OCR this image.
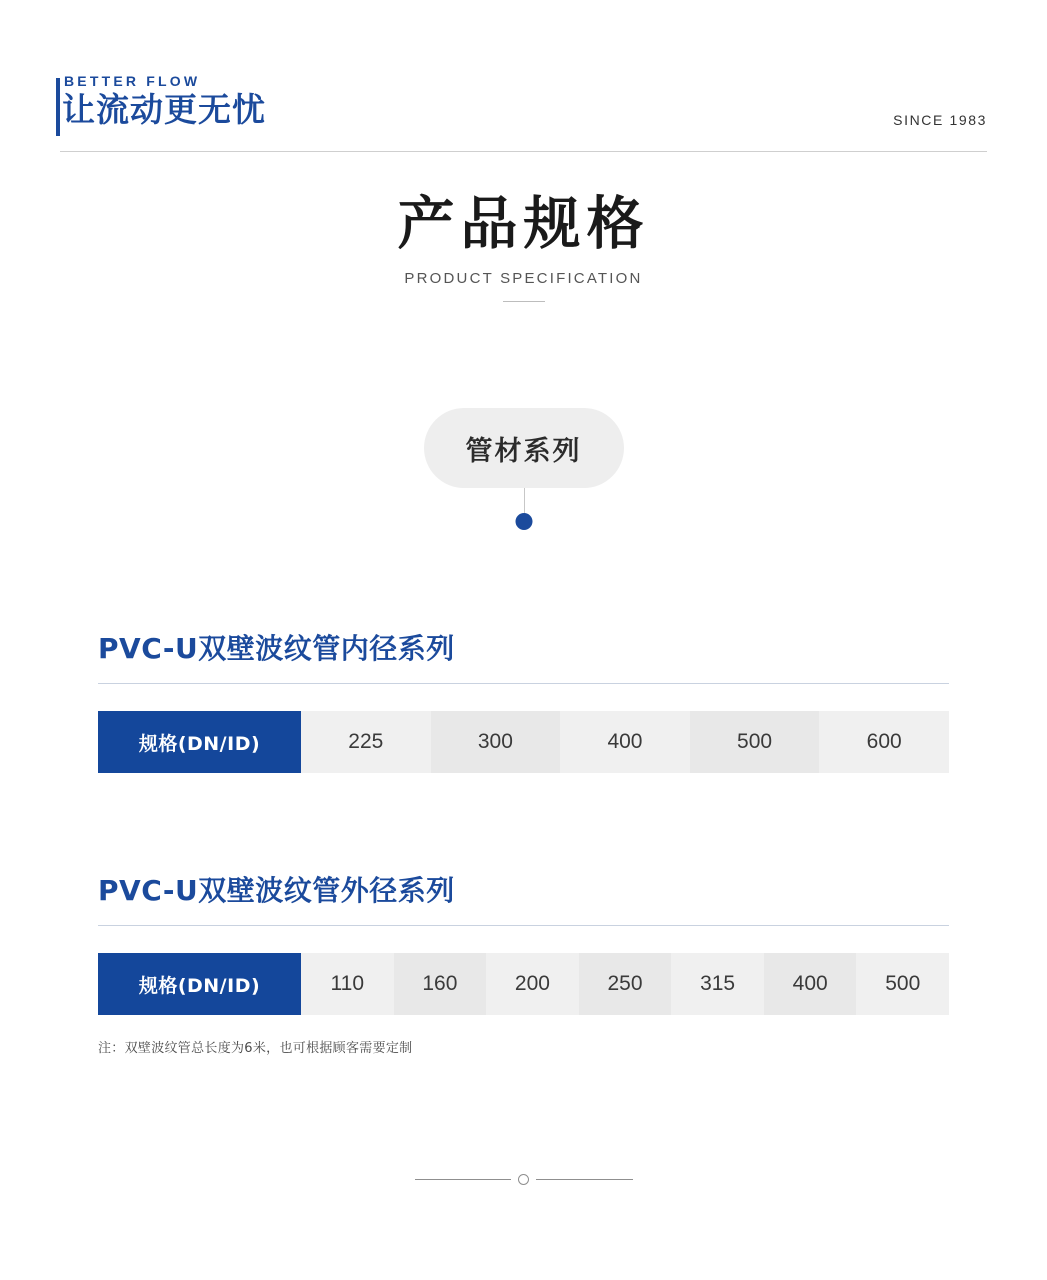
BETTER FLOW
让流动更无忧	SINCE 1983
产品规格
PRODUCT SPECIFICATION
管材系列
PVC-U双壁波纹管内径系列
规格(DN/ID)	225	300	400	500	600
PVC-U双壁波纹管外径系列
规格(DN/ID)	110	160	200	250	315	400	500
注：双壁波纹管总长度为6米，也可根据顾客需要定制
